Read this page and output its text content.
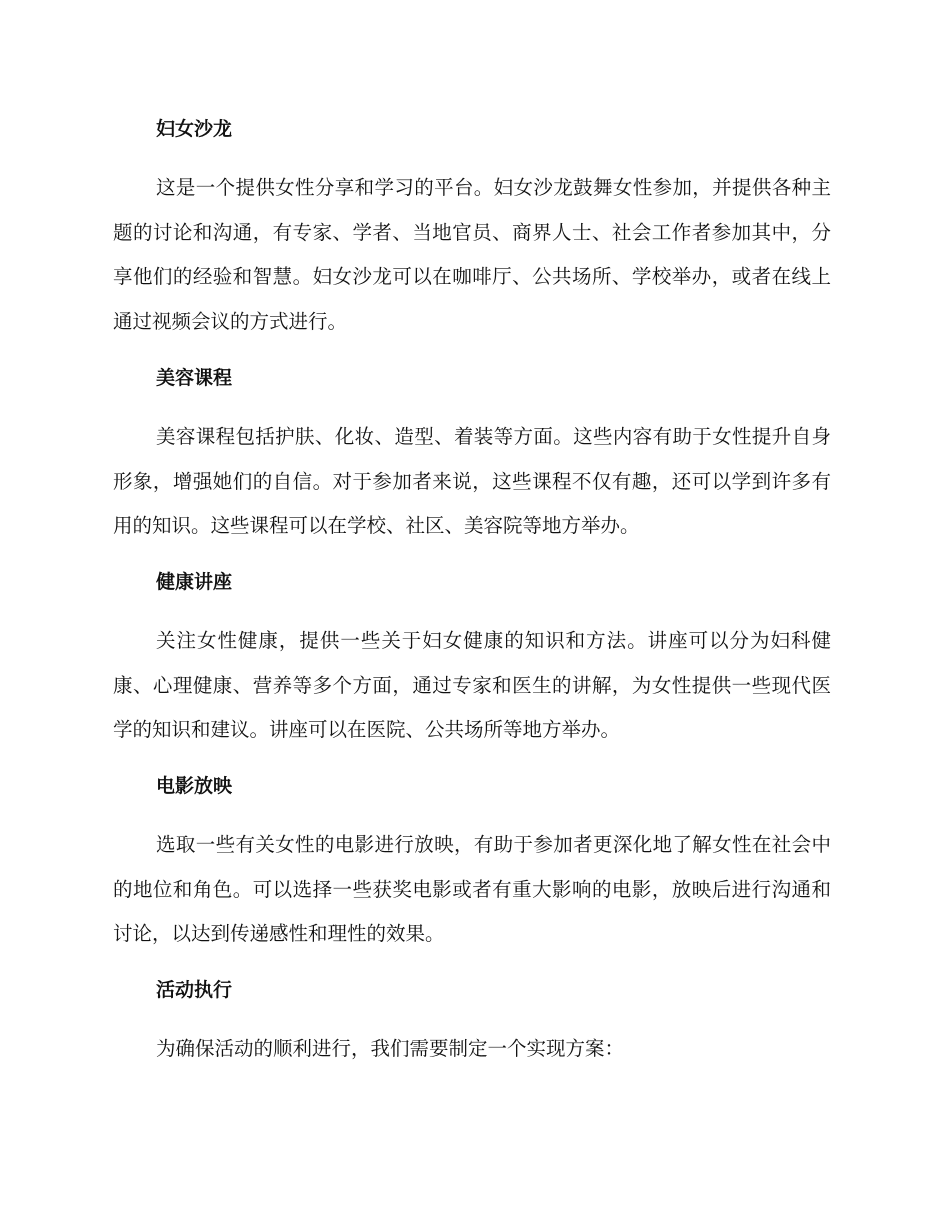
妇女沙龙

这是一个提供女性分享和学习的平台。妇女沙龙鼓舞女性参加，并提供各种主题的讨论和沟通，有专家、学者、当地官员、商界人士、社会工作者参加其中，分享他们的经验和智慧。妇女沙龙可以在咖啡厅、公共场所、学校举办，或者在线上通过视频会议的方式进行。

美容课程

美容课程包括护肤、化妆、造型、着装等方面。这些内容有助于女性提升自身形象，增强她们的自信。对于参加者来说，这些课程不仅有趣，还可以学到许多有用的知识。这些课程可以在学校、社区、美容院等地方举办。

健康讲座

关注女性健康，提供一些关于妇女健康的知识和方法。讲座可以分为妇科健康、心理健康、营养等多个方面，通过专家和医生的讲解，为女性提供一些现代医学的知识和建议。讲座可以在医院、公共场所等地方举办。

电影放映

选取一些有关女性的电影进行放映，有助于参加者更深化地了解女性在社会中的地位和角色。可以选择一些获奖电影或者有重大影响的电影，放映后进行沟通和讨论，以达到传递感性和理性的效果。

活动执行

为确保活动的顺利进行，我们需要制定一个实现方案：
